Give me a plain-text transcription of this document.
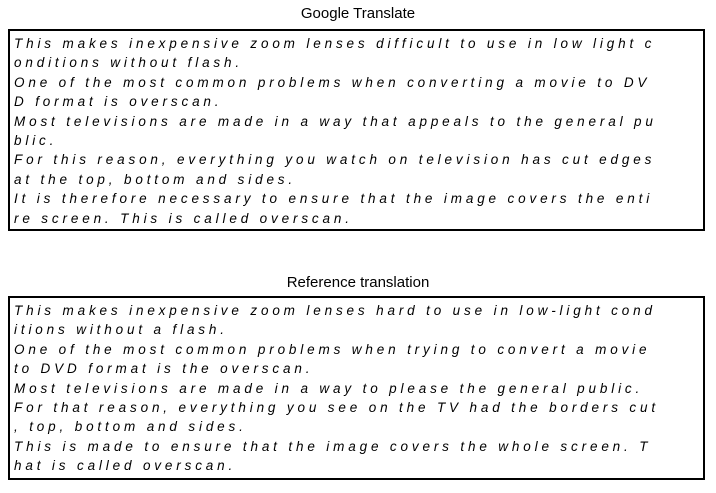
Google Translate
This makes inexpensive zoom lenses difficult to use in low light c
onditions without flash.
One of the most common problems when converting a movie to DV
D format is overscan.
Most televisions are made in a way that appeals to the general pu
blic.
For this reason, everything you watch on television has cut edges
at the top, bottom and sides.
It is therefore necessary to ensure that the image covers the enti
re screen. This is called overscan.
Reference translation
This makes inexpensive zoom lenses hard to use in low-light cond
itions without a flash.
One of the most common problems when trying to convert a movie
to DVD format is the overscan.
Most televisions are made in a way to please the general public.
For that reason, everything you see on the TV had the borders cut
, top, bottom and sides.
This is made to ensure that the image covers the whole screen. T
hat is called overscan.
